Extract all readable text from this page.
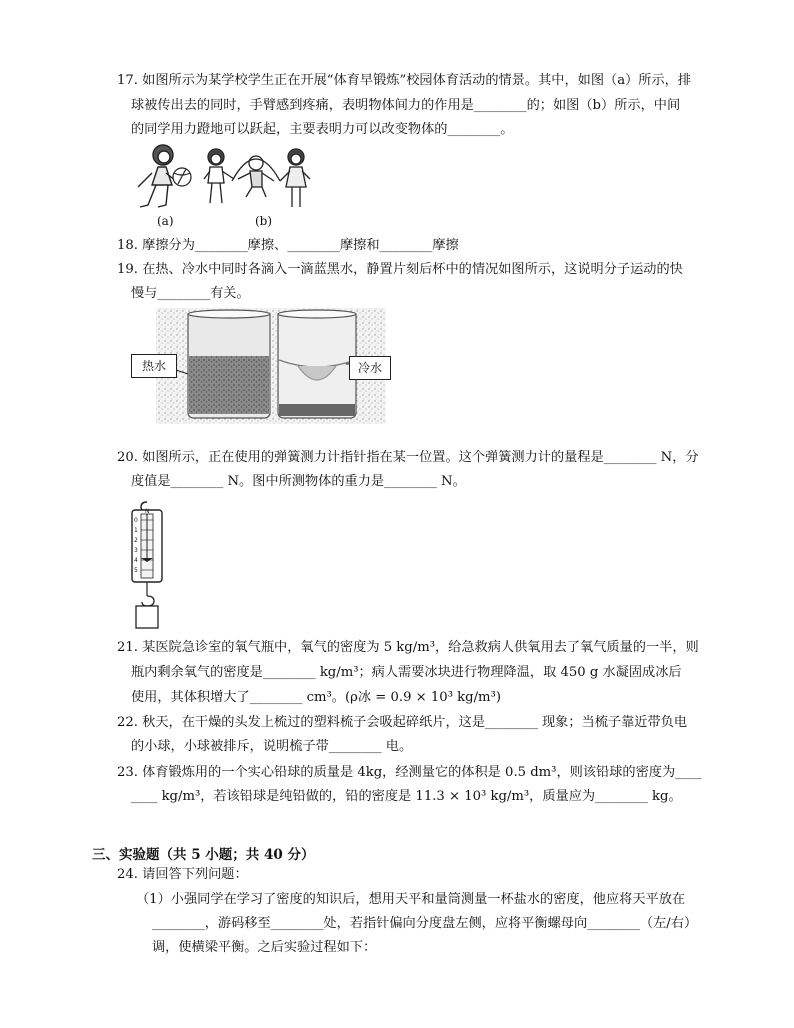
17. 如图所示为某学校学生正在开展“体育早锻炼”校园体育活动的情景。其中，如图（a）所示，排
球被传出去的同时，手臂感到疼痛，表明物体间力的作用是________的；如图（b）所示，中间
的同学用力蹬地可以跃起，主要表明力可以改变物体的________。
(a)	(b)
18. 摩擦分为________摩擦、________摩擦和________摩擦
19. 在热、冷水中同时各滴入一滴蓝黑水，静置片刻后杯中的情况如图所示，这说明分子运动的快
慢与________有关。
热水	冷水
20. 如图所示，正在使用的弹簧测力计指针指在某一位置。这个弹簧测力计的量程是________ N，分
度值是________ N。图中所测物体的重力是________ N。
0
1
2
3
4
5
N
21. 某医院急诊室的氧气瓶中，氧气的密度为 5 kg/m³，给急救病人供氧用去了氧气质量的一半，则
瓶内剩余氧气的密度是________ kg/m³；病人需要冰块进行物理降温，取 450 g 水凝固成冰后
使用，其体积增大了________ cm³。(ρ冰 = 0.9 × 10³ kg/m³)
22. 秋天，在干燥的头发上梳过的塑料梳子会吸起碎纸片，这是________ 现象；当梳子靠近带负电
的小球，小球被排斥，说明梳子带________ 电。
23. 体育锻炼用的一个实心铅球的质量是 4kg，经测量它的体积是 0.5 dm³，则该铅球的密度为____
____ kg/m³，若该铅球是纯铅做的，铅的密度是 11.3 × 10³ kg/m³，质量应为________ kg。
三、实验题（共 5 小题；共 40 分）
24. 请回答下列问题：
（1）小强同学在学习了密度的知识后，想用天平和量筒测量一杯盐水的密度，他应将天平放在
________，游码移至________处，若指针偏向分度盘左侧，应将平衡螺母向________（左/右）
调，使横梁平衡。之后实验过程如下：
